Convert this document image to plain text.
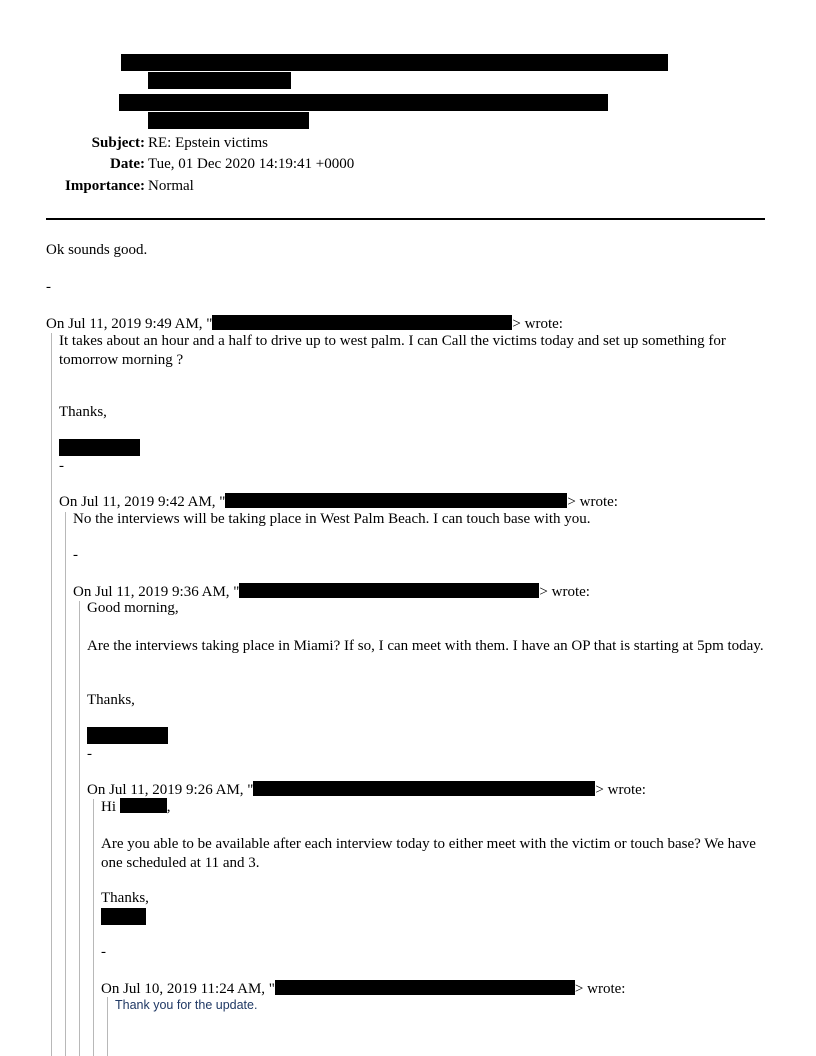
Subject: RE: Epstein victims
Date: Tue, 01 Dec 2020 14:19:41 +0000
Importance: Normal
Ok sounds good.
-
On Jul 11, 2019 9:49 AM, "	> wrote:
It takes about an hour and a half to drive up to west palm. I can Call the victims today and set up something for tomorrow morning ?
Thanks,
-
On Jul 11, 2019 9:42 AM, "	> wrote:
No the interviews will be taking place in West Palm Beach. I can touch base with you.
-
On Jul 11, 2019 9:36 AM, "	> wrote:
Good morning,
Are the interviews taking place in Miami? If so, I can meet with them. I have an OP that is starting at 5pm today.
Thanks,
-
On Jul 11, 2019 9:26 AM, "	> wrote:
Hi	,
Are you able to be available after each interview today to either meet with the victim or touch base? We have one scheduled at 11 and 3.
Thanks,
-
On Jul 10, 2019 11:24 AM, "	> wrote:
Thank you for the update.
